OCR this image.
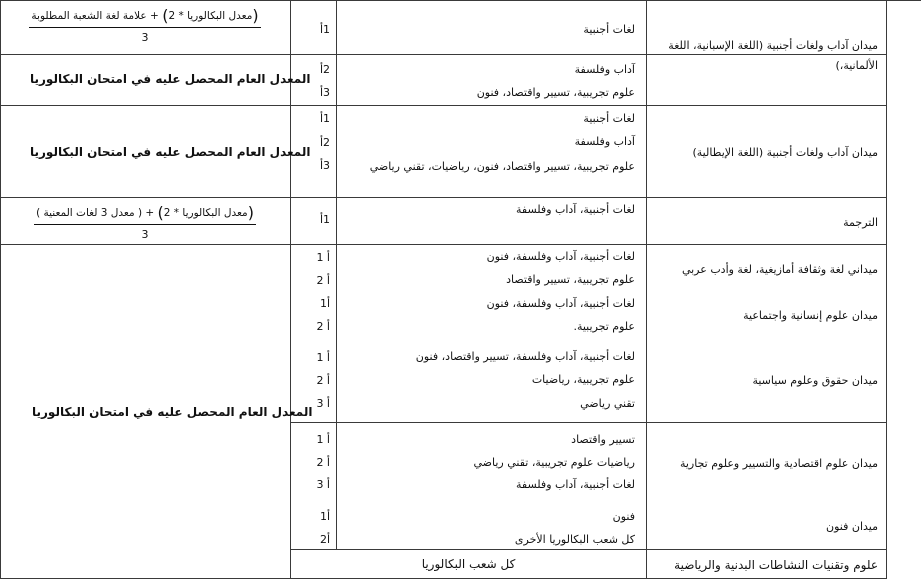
(معدل البكالوريا * 2) + علامة لغة الشعبة المطلوبة
3
1أ	لغات أجنبية
ميدان آداب ولغات أجنبية (اللغة الإسبانية، اللغة الألمانية،)
المعدل العام المحصل عليه في امتحان البكالوريا
2أ
3أ
آداب وفلسفة
علوم تجريبية، تسيير واقتصاد، فنون
المعدل العام المحصل عليه في امتحان البكالوريا
1أ
2أ
3أ
لغات أجنبية
آداب وفلسفة
علوم تجريبية، تسيير واقتصاد، فنون، رياضيات، تقني رياضي
ميدان آداب ولغات أجنبية (اللغة الإيطالية)
(معدل البكالوريا * 2) + ( معدل 3 لغات المعنية )
3
1أ
لغات أجنبية، آداب وفلسفة
الترجمة
المعدل العام المحصل عليه في امتحان البكالوريا
أ 1
أ 2
لغات أجنبية، آداب وفلسفة، فنون
علوم تجريبية، تسيير واقتصاد
ميداني لغة وثقافة أمازيغية، لغة وأدب عربي
أ1
أ 2
لغات أجنبية، آداب وفلسفة، فنون
علوم تجريبية.
ميدان علوم إنسانية واجتماعية
أ 1
أ 2
أ 3
لغات أجنبية، آداب وفلسفة، تسيير واقتصاد، فنون
علوم تجريبية، رياضيات
تقني رياضي
ميدان حقوق وعلوم سياسية
أ 1
أ 2
أ 3
تسيير واقتصاد
رياضيات علوم تجريبية، تقني رياضي
لغات أجنبية، آداب وفلسفة
ميدان علوم اقتصادية والتسيير وعلوم تجارية
أ1
أ2
فنون
كل شعب البكالوريا الأخرى
ميدان فنون
كل شعب البكالوريا	علوم وتقنيات النشاطات البدنية والرياضية
